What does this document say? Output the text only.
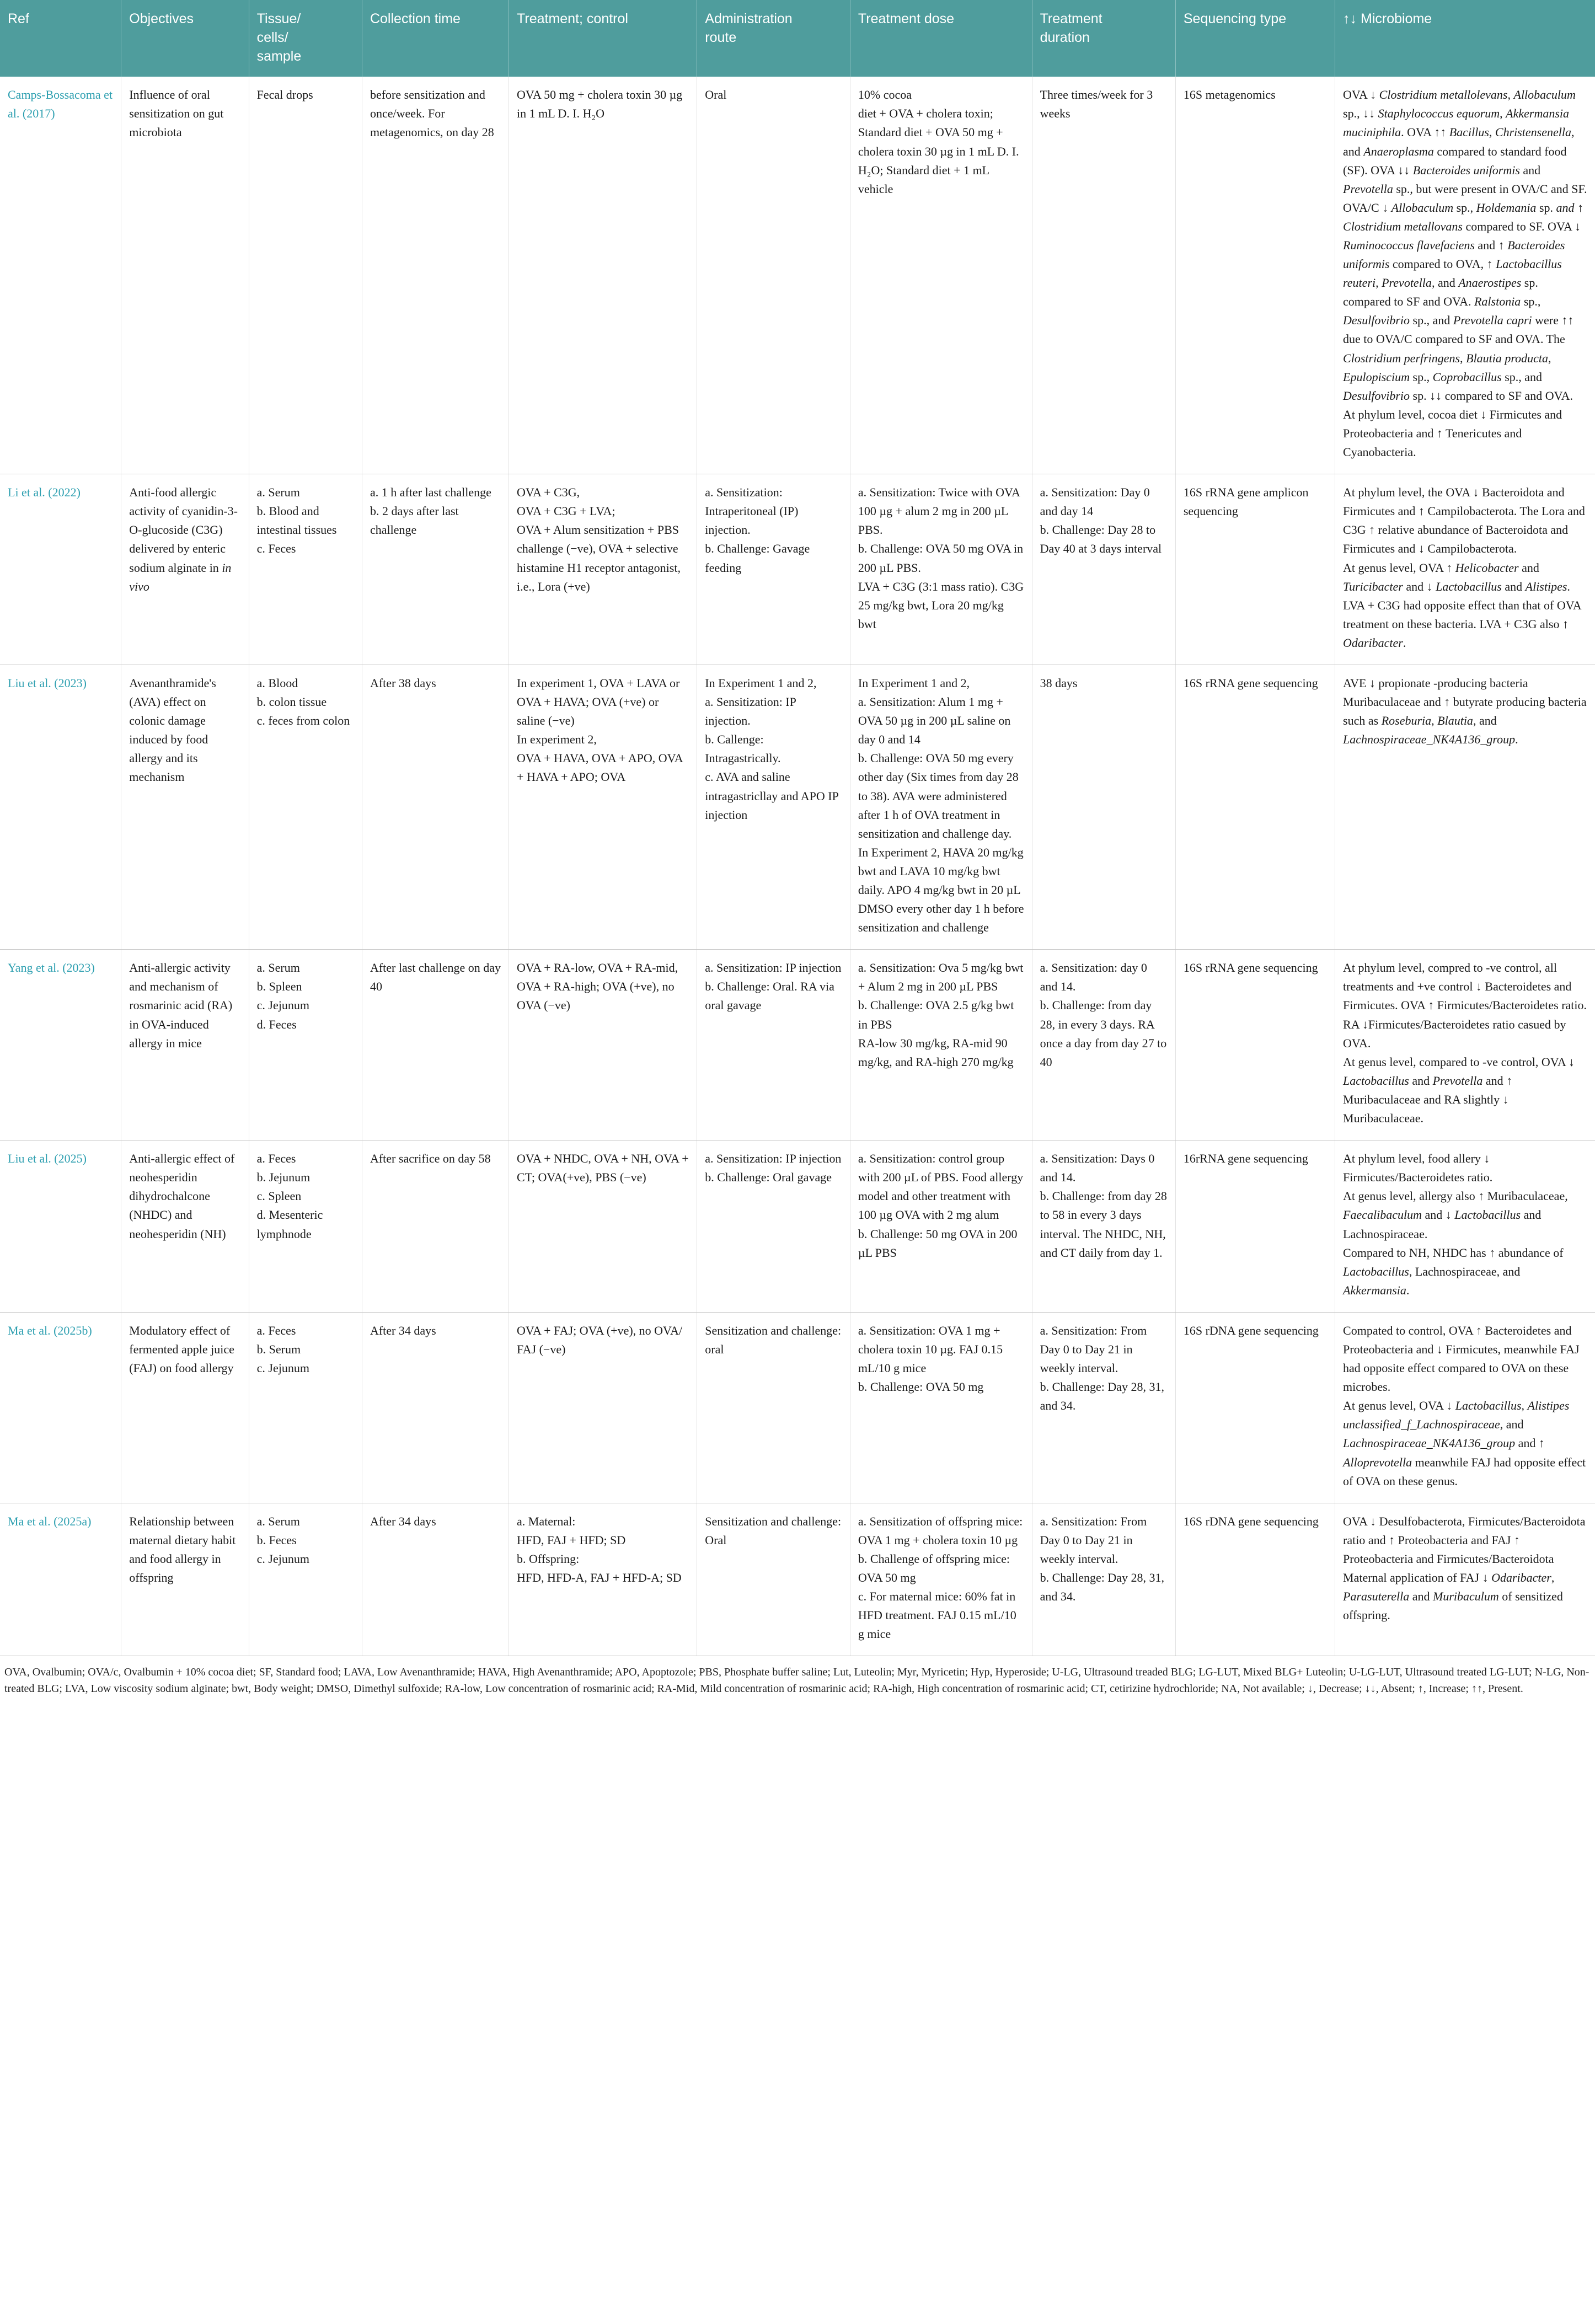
Ref	Objectives	Tissue/
cells/
sample	Collection time	Treatment; control	Administration
route	Treatment dose	Treatment
duration	Sequencing type	↑↓ Microbiome
Camps-Bossacoma et al. (2017)	Influence of oral sensitization on gut microbiota	Fecal drops	before sensitization and once/week. For metagenomics, on day 28	OVA 50 mg + cholera toxin 30 µg in 1 mL D. I. H₂O	Oral	10% cocoa
diet + OVA + cholera toxin; Standard diet + OVA 50 mg + cholera toxin 30 µg in 1 mL D. I. H₂O; Standard diet + 1 mL vehicle	Three times/week for 3 weeks	16S metagenomics	OVA ↓ Clostridium metallolevans, Allobaculum sp., ↓↓ Staphylococcus equorum, Akkermansia muciniphila. OVA ↑↑ Bacillus, Christensenella, and Anaeroplasma compared to standard food (SF). OVA ↓↓ Bacteroides uniformis and Prevotella sp., but were present in OVA/C and SF.
OVA/C ↓ Allobaculum sp., Holdemania sp. and ↑ Clostridium metallovans compared to SF. OVA ↓ Ruminococcus flavefaciens and ↑ Bacteroides uniformis compared to OVA, ↑ Lactobacillus reuteri, Prevotella, and Anaerostipes sp. compared to SF and OVA. Ralstonia sp., Desulfovibrio sp., and Prevotella capri were ↑↑ due to OVA/C compared to SF and OVA. The Clostridium perfringens, Blautia producta, Epulopiscium sp., Coprobacillus sp., and Desulfovibrio sp. ↓↓ compared to SF and OVA. At phylum level, cocoa diet ↓ Firmicutes and Proteobacteria and ↑ Tenericutes and Cyanobacteria.
Li et al. (2022)	Anti-food allergic activity of cyanidin-3-O-glucoside (C3G) delivered by enteric sodium alginate in in vivo	a. Serum
b. Blood and intestinal tissues
c. Feces	a. 1 h after last challenge
b. 2 days after last challenge	OVA + C3G,
OVA + C3G + LVA;
OVA + Alum sensitization + PBS challenge (−ve), OVA + selective histamine H1 receptor antagonist, i.e., Lora (+ve)	a. Sensitization: Intraperitoneal (IP) injection.
b. Challenge: Gavage feeding	a. Sensitization: Twice with OVA 100 µg + alum 2 mg in 200 µL PBS.
b. Challenge: OVA 50 mg OVA in 200 µL PBS.
LVA + C3G (3:1 mass ratio). C3G 25 mg/kg bwt, Lora 20 mg/kg bwt	a. Sensitization: Day 0 and day 14
b. Challenge: Day 28 to Day 40 at 3 days interval	16S rRNA gene amplicon sequencing	At phylum level, the OVA ↓ Bacteroidota and Firmicutes and ↑ Campilobacterota. The Lora and C3G ↑ relative abundance of Bacteroidota and Firmicutes and ↓ Campilobacterota.
At genus level, OVA ↑ Helicobacter and Turicibacter and ↓ Lactobacillus and Alistipes. LVA + C3G had opposite effect than that of OVA treatment on these bacteria. LVA + C3G also ↑ Odaribacter.
Liu et al. (2023)	Avenanthramide's (AVA) effect on colonic damage induced by food allergy and its mechanism	a. Blood
b. colon tissue
c. feces from colon	After 38 days	In experiment 1, OVA + LAVA or OVA + HAVA; OVA (+ve) or saline (−ve)
In experiment 2,
OVA + HAVA, OVA + APO, OVA + HAVA + APO; OVA	In Experiment 1 and 2,
a. Sensitization: IP injection.
b. Callenge: Intragastrically.
c. AVA and saline intragastricllay and APO IP injection	In Experiment 1 and 2,
a. Sensitization: Alum 1 mg + OVA 50 µg in 200 µL saline on day 0 and 14
b. Challenge: OVA 50 mg every other day (Six times from day 28 to 38). AVA were administered after 1 h of OVA treatment in sensitization and challenge day.
In Experiment 2, HAVA 20 mg/kg bwt and LAVA 10 mg/kg bwt daily. APO 4 mg/kg bwt in 20 µL DMSO every other day 1 h before sensitization and challenge	38 days	16S rRNA gene sequencing	AVE ↓ propionate -producing bacteria Muribaculaceae and ↑ butyrate producing bacteria such as Roseburia, Blautia, and Lachnospiraceae_NK4A136_group.
Yang et al. (2023)	Anti-allergic activity and mechanism of rosmarinic acid (RA) in OVA-induced allergy in mice	a. Serum
b. Spleen
c. Jejunum
d. Feces	After last challenge on day 40	OVA + RA-low, OVA + RA-mid, OVA + RA-high; OVA (+ve), no OVA (−ve)	a. Sensitization: IP injection
b. Challenge: Oral. RA via oral gavage	a. Sensitization: Ova 5 mg/kg bwt + Alum 2 mg in 200 µL PBS
b. Challenge: OVA 2.5 g/kg bwt in PBS
RA-low 30 mg/kg, RA-mid 90 mg/kg, and RA-high 270 mg/kg	a. Sensitization: day 0 and 14.
b. Challenge: from day 28, in every 3 days. RA once a day from day 27 to 40	16S rRNA gene sequencing	At phylum level, compred to -ve control, all treatments and +ve control ↓ Bacteroidetes and Firmicutes. OVA ↑ Firmicutes/Bacteroidetes ratio. RA ↓Firmicutes/Bacteroidetes ratio casued by OVA.
At genus level, compared to -ve control, OVA ↓ Lactobacillus and Prevotella and ↑ Muribaculaceae and RA slightly ↓ Muribaculaceae.
Liu et al. (2025)	Anti-allergic effect of neohesperidin dihydrochalcone (NHDC) and neohesperidin (NH)	a. Feces
b. Jejunum
c. Spleen
d. Mesenteric lymphnode	After sacrifice on day 58	OVA + NHDC, OVA + NH, OVA + CT; OVA(+ve), PBS (−ve)	a. Sensitization: IP injection
b. Challenge: Oral gavage	a. Sensitization: control group with 200 µL of PBS. Food allergy model and other treatment with 100 µg OVA with 2 mg alum
b. Challenge: 50 mg OVA in 200 µL PBS	a. Sensitization: Days 0 and 14.
b. Challenge: from day 28 to 58 in every 3 days interval. The NHDC, NH, and CT daily from day 1.	16rRNA gene sequencing	At phylum level, food allery ↓ Firmicutes/Bacteroidetes ratio.
At genus level, allergy also ↑ Muribaculaceae, Faecalibaculum and ↓ Lactobacillus and Lachnospiraceae.
Compared to NH, NHDC has ↑ abundance of Lactobacillus, Lachnospiraceae, and Akkermansia.
Ma et al. (2025b)	Modulatory effect of fermented apple juice (FAJ) on food allergy	a. Feces
b. Serum
c. Jejunum	After 34 days	OVA + FAJ; OVA (+ve), no OVA/ FAJ (−ve)	Sensitization and challenge: oral	a. Sensitization: OVA 1 mg + cholera toxin 10 µg. FAJ 0.15 mL/10 g mice
b. Challenge: OVA 50 mg	a. Sensitization: From Day 0 to Day 21 in weekly interval.
b. Challenge: Day 28, 31, and 34.	16S rDNA gene sequencing	Compated to control, OVA ↑ Bacteroidetes and Proteobacteria and ↓ Firmicutes, meanwhile FAJ had opposite effect compared to OVA on these microbes.
At genus level, OVA ↓ Lactobacillus, Alistipes unclassified_f_Lachnospiraceae, and Lachnospiraceae_NK4A136_group and ↑ Alloprevotella meanwhile FAJ had opposite effect of OVA on these genus.
Ma et al. (2025a)	Relationship between maternal dietary habit and food allergy in offspring	a. Serum
b. Feces
c. Jejunum	After 34 days	a. Maternal:
HFD, FAJ + HFD; SD
b. Offspring:
HFD, HFD-A, FAJ + HFD-A; SD	Sensitization and challenge: Oral	a. Sensitization of offspring mice: OVA 1 mg + cholera toxin 10 µg
b. Challenge of offspring mice: OVA 50 mg
c. For maternal mice: 60% fat in HFD treatment. FAJ 0.15 mL/10 g mice	a. Sensitization: From Day 0 to Day 21 in weekly interval.
b. Challenge: Day 28, 31, and 34.	16S rDNA gene sequencing	OVA ↓ Desulfobacterota, Firmicutes/Bacteroidota ratio and ↑ Proteobacteria and FAJ ↑ Proteobacteria and Firmicutes/Bacteroidota
Maternal application of FAJ ↓ Odaribacter, Parasuterella and Muribaculum of sensitized offspring.
OVA, Ovalbumin; OVA/c, Ovalbumin + 10% cocoa diet; SF, Standard food; LAVA, Low Avenanthramide; HAVA, High Avenanthramide; APO, Apoptozole; PBS, Phosphate buffer saline; Lut, Luteolin; Myr, Myricetin; Hyp, Hyperoside; U-LG, Ultrasound treaded BLG; LG-LUT, Mixed BLG+ Luteolin; U-LG-LUT, Ultrasound treated LG-LUT; N-LG, Non-treated BLG; LVA, Low viscosity sodium alginate; bwt, Body weight; DMSO, Dimethyl sulfoxide; RA-low, Low concentration of rosmarinic acid; RA-Mid, Mild concentration of rosmarinic acid; RA-high, High concentration of rosmarinic acid; CT, cetirizine hydrochloride; NA, Not available; ↓, Decrease; ↓↓, Absent; ↑, Increase; ↑↑, Present.
